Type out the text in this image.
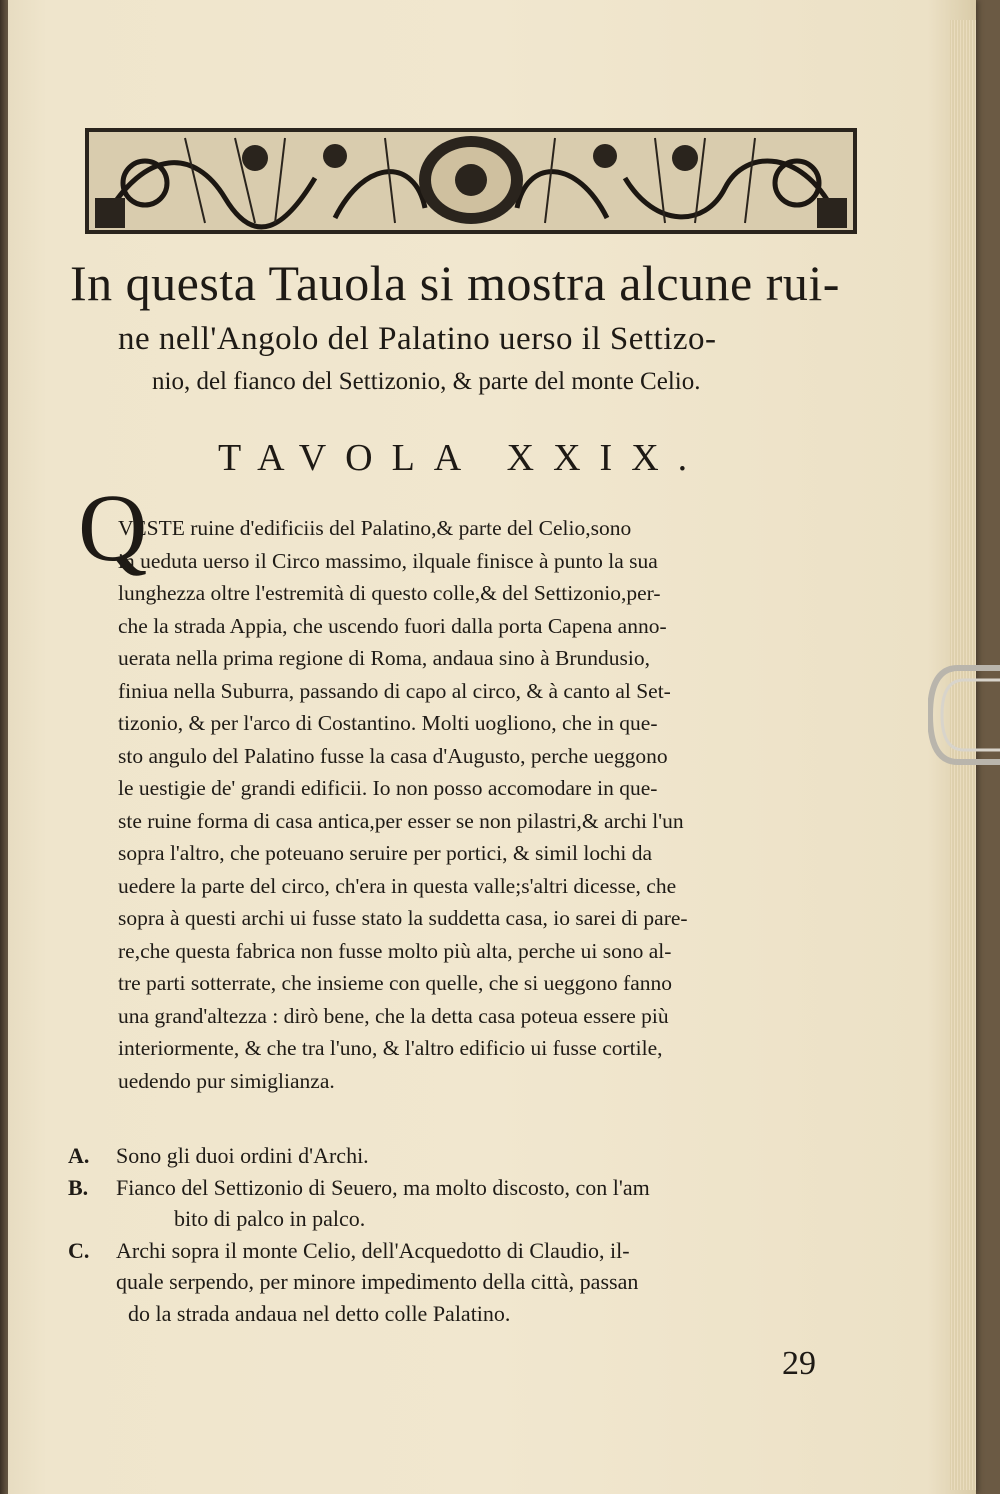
In questa Tauola si mostra alcune rui-
ne nell'Angolo del Palatino uerso il Settizo-
nio, del fianco del Settizonio, & parte del monte Celio.
TAVOLA XXIX.
Q
VESTE ruine d'edificiis del Palatino,& parte del Celio,sono
in ueduta uerso il Circo massimo, ilquale finisce à punto la sua
lunghezza oltre l'estremità di questo colle,& del Settizonio,per-
che la strada Appia, che uscendo fuori dalla porta Capena anno-
uerata nella prima regione di Roma, andaua sino à Brundusio,
finiua nella Suburra, passando di capo al circo, & à canto al Set-
tizonio, & per l'arco di Costantino. Molti uogliono, che in que-
sto angulo del Palatino fusse la casa d'Augusto, perche ueggono
le uestigie de' grandi edificii. Io non posso accomodare in que-
ste ruine forma di casa antica,per esser se non pilastri,& archi l'un
sopra l'altro, che poteuano seruire per portici, & simil lochi da
uedere la parte del circo, ch'era in questa valle;s'altri dicesse, che
sopra à questi archi ui fusse stato la suddetta casa, io sarei di pare-
re,che questa fabrica non fusse molto più alta, perche ui sono al-
tre parti sotterrate, che insieme con quelle, che si ueggono fanno
una grand'altezza : dirò bene, che la detta casa poteua essere più
interiormente, & che tra l'uno, & l'altro edificio ui fusse cortile,
uedendo pur simiglianza.
A.	Sono gli duoi ordini d'Archi.
B.	Fianco del Settizonio di Seuero, ma molto discosto, con l'am
bito di palco in palco.
C.	Archi sopra il monte Celio, dell'Acquedotto di Claudio, il-
quale serpendo, per minore impedimento della città, passan
do la strada andaua nel detto colle Palatino.
29
